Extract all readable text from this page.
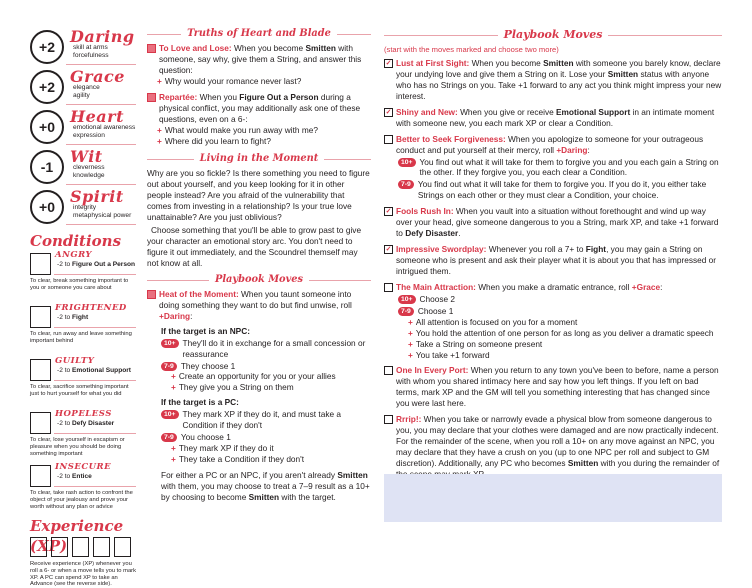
+2
Daring
skill at arms
forcefulness
+2
Grace
elegance
agility
+0
Heart
emotional awareness
expression
-1
Wit
cleverness
knowledge
+0
Spirit
integrity
metaphysical power
Conditions
ANGRY
-2 to Figure Out a Person
To clear, break something important to you or someone you care about
FRIGHTENED
-2 to Fight
To clear, run away and leave something important behind
GUILTY
-2 to Emotional Support
To clear, sacrifice something important just to hurt yourself for what you did
HOPELESS
-2 to Defy Disaster
To clear, lose yourself in escapism or pleasure when you should be doing something important
INSECURE
-2 to Entice
To clear, take rash action to confront the object of your jealousy and prove your worth without any plan or advice
Experience (XP)
Receive experience (XP) whenever you roll a 6- or when a move tells you to mark XP. A PC can spend XP to take an Advance (see the reverse side).
Truths of Heart and Blade
To Love and Lose: When you become Smitten with someone, say why, give them a String, and answer this question:
+ Why would your romance never last?
Repartée: When you Figure Out a Person during a physical conflict, you may additionally ask one of these questions, even on a 6-:
+ What would make you run away with me?
+ Where did you learn to fight?
Living in the Moment
Why are you so fickle? Is there something you need to figure out about yourself, and you keep looking for it in other people instead? Are you afraid of the vulnerability that comes from investing in a relationship? Is your true love unattainable? Are you just oblivious?
Choose something that you'll be able to grow past to give your character an emotional story arc. You don't need to figure it out immediately, and the Scoundrel themself may not know at all.
Playbook Moves
Heat of the Moment: When you taunt someone into doing something they want to do but find unwise, roll +Daring:
If the target is an NPC:
10+ They'll do it in exchange for a small concession or reassurance
7-9 They choose 1
+ Create an opportunity for you or your allies
+ They give you a String on them
If the target is a PC:
10+ They mark XP if they do it, and must take a Condition if they don't
7-9 You choose 1
+ They mark XP if they do it
+ They take a Condition if they don't
For either a PC or an NPC, if you aren't already Smitten with them, you may choose to treat a 7–9 result as a 10+ by choosing to become Smitten with the target.
Playbook Moves
(start with the moves marked and choose two more)
✓ Lust at First Sight: When you become Smitten with someone you barely know, declare your undying love and give them a String on it. Lose your Smitten status with anyone who has no Strings on you. Take +1 forward to any act you think might impress your new interest.
✓ Shiny and New: When you give or receive Emotional Support in an intimate moment with someone new, you each mark XP or clear a Condition.
Better to Seek Forgiveness: When you apologize to someone for your outrageous conduct and put yourself at their mercy, roll +Daring:
10+ You find out what it will take for them to forgive you and you each gain a String on the other. If they forgive you, you each clear a Condition.
7-9 You find out what it will take for them to forgive you. If you do it, you either take Strings on each other or they must clear a Condition, your choice.
✓ Fools Rush In: When you vault into a situation without forethought and wind up way over your head, give someone dangerous to you a String, mark XP, and take +1 forward to Defy Disaster.
✓ Impressive Swordplay: Whenever you roll a 7+ to Fight, you may gain a String on someone who is present and ask their player what it is about you that has impressed or intrigued them.
The Main Attraction: When you make a dramatic entrance, roll +Grace:
10+ Choose 2
7-9 Choose 1
+ All attention is focused on you for a moment
+ You hold the attention of one person for as long as you deliver a dramatic speech
+ Take a String on someone present
+ You take +1 forward
One In Every Port: When you return to any town you've been to before, name a person with whom you shared intimacy here and say how you left things. If you left on bad terms, mark XP and the GM will tell you something interesting that has changed since you were last here.
Rrrip!: When you take or narrowly evade a physical blow from someone dangerous to you, you may declare that your clothes were damaged and are now practically indecent. For the remainder of the scene, when you roll a 10+ on any move against an NPC, you may declare that they have a crush on you (up to one NPC per roll and subject to GM discretion). Additionally, any PC who becomes Smitten with you during the remainder of
